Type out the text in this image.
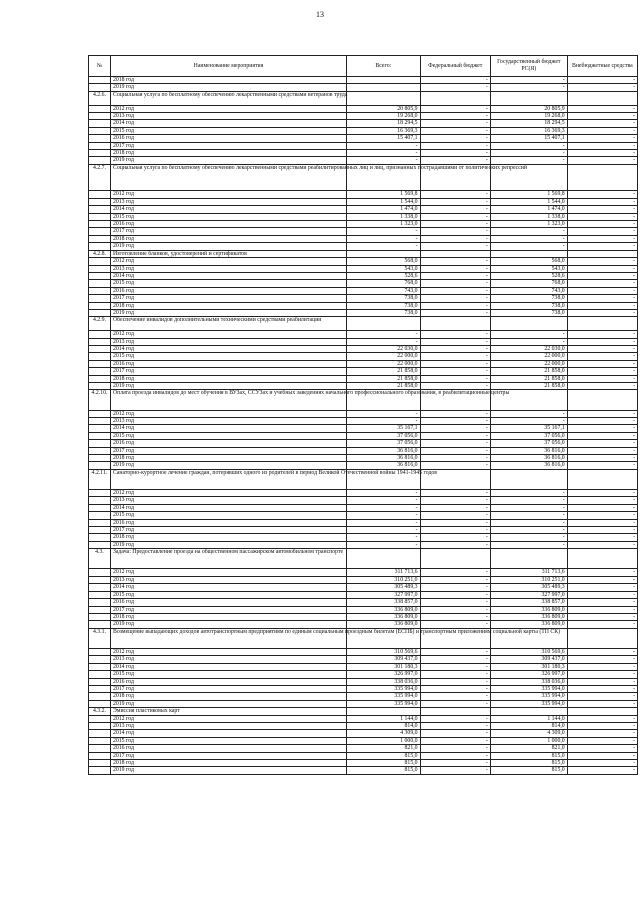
13
№	Наименование мероприятия	Всего:	Федеральный бюджет	Государственный бюджет РС(Я)	Внебюджетные средства
	2018 год		-	-	-
	2019 год		-	-	-
4.2.6.	Социальная услуга по бесплатному обеспечению лекарственными средствами ветеранов труда				
	2012 год	20 805,9	-	20 805,9	-
	2013 год	19 268,0	-	19 268,0	-
	2014 год	18 294,5	-	18 294,5	-
	2015 год	16 369,3	-	16 369,3	-
	2016 год	15 407,1	-	15 407,1	-
	2017 год	-	-	-	-
	2018 год	-	-	-	-
	2019 год	-	-	-	-
4.2.7.	Социальная услуга по бесплатному обеспечению лекарственными средствами реабилитированных лиц и лиц, признанных пострадавшими от политических репрессий				
	2012 год	1 569,8	-	1 569,8	-
	2013 год	1 544,0	-	1 544,0	-
	2014 год	1 474,0	-	1 474,0	-
	2015 год	1 338,0	-	1 338,0	-
	2016 год	1 323,0	-	1 323,0	-
	2017 год	-	-	-	-
	2018 год	-	-	-	-
	2019 год	-	-	-	-
4.2.8.	Изготовление бланков, удостоверений и сертификатов				
	2012 год	568,0	-	568,0	-
	2013 год	543,0	-	543,0	-
	2014 год	528,6	-	528,6	-
	2015 год	768,0	-	768,0	-
	2016 год	743,0	-	743,0	-
	2017 год	738,0	-	738,0	-
	2018 год	738,0	-	738,0	-
	2019 год	738,0	-	738,0	-
4.2.9.	Обеспечение инвалидов дополнительными техническими средствами реабилитации				
	2012 год	-	-	-	-
	2013 год	-	-	-	-
	2014 год	22 030,0	-	22 030,0	-
	2015 год	22 000,0	-	22 000,0	-
	2016 год	22 000,0	-	22 000,0	-
	2017 год	21 858,0	-	21 858,0	-
	2018 год	21 858,0	-	21 858,0	-
	2019 год	21 858,0	-	21 858,0	-
4.2.10.	Оплата проезда инвалидов до мест обучения в ВУЗах, ССУЗах и учебных заведениях начального профессионального образования, в реабилитационные центры				
	2012 год	-	-	-	-
	2013 год	-	-	-	-
	2014 год	35 167,1	-	35 167,1	-
	2015 год	37 056,0	-	37 056,0	-
	2016 год	37 056,0	-	37 056,0	-
	2017 год	36 816,0	-	36 816,0	-
	2018 год	36 816,0	-	36 816,0	-
	2019 год	36 816,0	-	36 816,0	-
4.2.11.	Санаторно-курортное лечение граждан, потерявших одного из родителей в период Великой Отечественной войны 1941-1945 годов				
	2012 год	-	-	-	-
	2013 год	-	-	-	-
	2014 год	-	-	-	-
	2015 год	-	-	-	-
	2016 год	-	-	-	-
	2017 год	-	-	-	-
	2018 год	-	-	-	-
	2019 год	-	-	-	-
4.3.	Задача: Предоставление проезда на общественном пассажирском автомобильном транспорте				
	2012 год	311 713,6	-	311 713,6	-
	2013 год	310 251,0	-	310 251,0	-
	2014 год	305 489,3	-	305 489,3	-
	2015 год	327 997,0	-	327 997,0	-
	2016 год	338 857,0	-	338 857,0	-
	2017 год	336 809,0	-	336 809,0	-
	2018 год	336 809,0	-	336 809,0	-
	2019 год	336 809,0	-	336 809,0	-
4.3.1.	Возмещение выпадающих доходов автотранспортным предприятиям по единым социальным проездным билетам (ЕСПБ) и транспортным приложениям социальной карты (ТП СК)				
	2012 год	310 569,6	-	310 569,6	-
	2013 год	309 437,0	-	309 437,0	-
	2014 год	301 180,3	-	301 180,3	-
	2015 год	326 997,0	-	326 997,0	-
	2016 год	338 036,0	-	338 036,0	-
	2017 год	335 994,0	-	335 994,0	-
	2018 год	335 994,0	-	335 994,0	-
	2019 год	335 994,0	-	335 994,0	-
4.3.2.	Эмиссия пластиковых карт				
	2012 год	1 144,0	-	1 144,0	-
	2013 год	814,0	-	814,0	-
	2014 год	4 309,0	-	4 309,0	-
	2015 год	1 000,0	-	1 000,0	-
	2016 год	821,0	-	821,0	-
	2017 год	815,0	-	815,0	-
	2018 год	815,0	-	815,0	-
	2019 год	815,0	-	815,0	-
